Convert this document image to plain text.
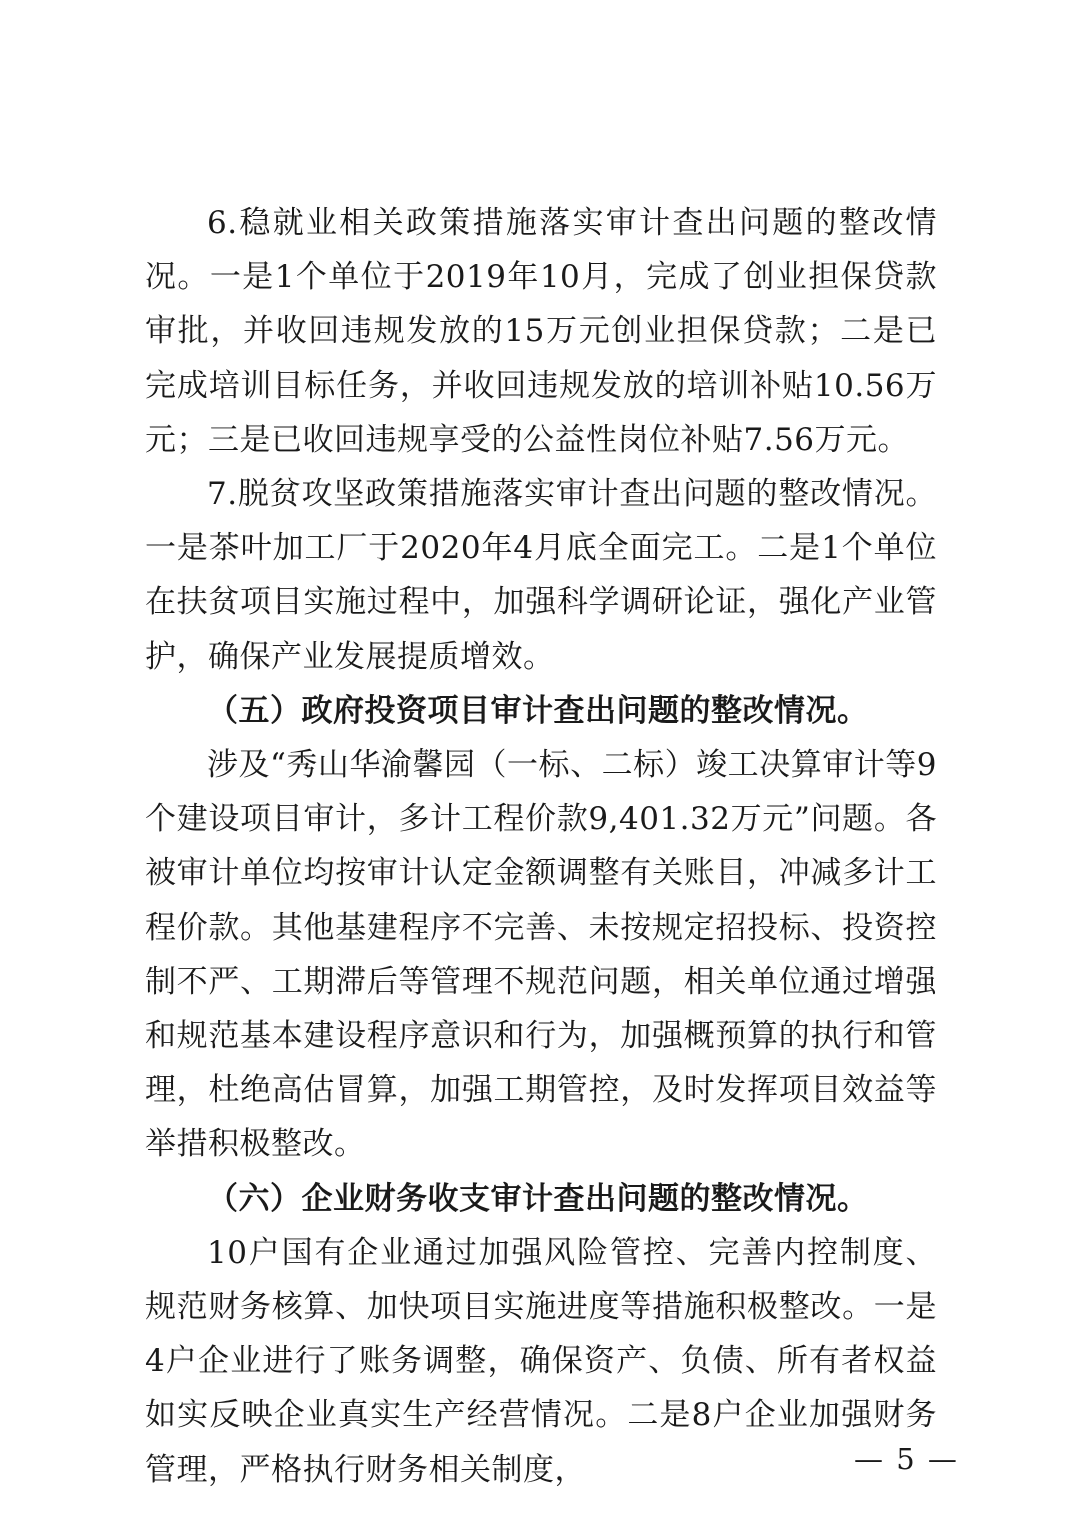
6.稳就业相关政策措施落实审计查出问题的整改情况。一是1个单位于2019年10月，完成了创业担保贷款审批，并收回违规发放的15万元创业担保贷款；二是已完成培训目标任务，并收回违规发放的培训补贴10.56万元；三是已收回违规享受的公益性岗位补贴7.56万元。

7.脱贫攻坚政策措施落实审计查出问题的整改情况。一是茶叶加工厂于2020年4月底全面完工。二是1个单位在扶贫项目实施过程中，加强科学调研论证，强化产业管护，确保产业发展提质增效。

（五）政府投资项目审计查出问题的整改情况。

涉及“秀山华渝馨园（一标、二标）竣工决算审计等9个建设项目审计，多计工程价款9,401.32万元”问题。各被审计单位均按审计认定金额调整有关账目，冲减多计工程价款。其他基建程序不完善、未按规定招投标、投资控制不严、工期滞后等管理不规范问题，相关单位通过增强和规范基本建设程序意识和行为，加强概预算的执行和管理，杜绝高估冒算，加强工期管控，及时发挥项目效益等举措积极整改。

（六）企业财务收支审计查出问题的整改情况。

10户国有企业通过加强风险管控、完善内控制度、规范财务核算、加快项目实施进度等措施积极整改。一是4户企业进行了账务调整，确保资产、负债、所有者权益如实反映企业真实生产经营情况。二是8户企业加强财务管理，严格执行财务相关制度，	— 5 —
